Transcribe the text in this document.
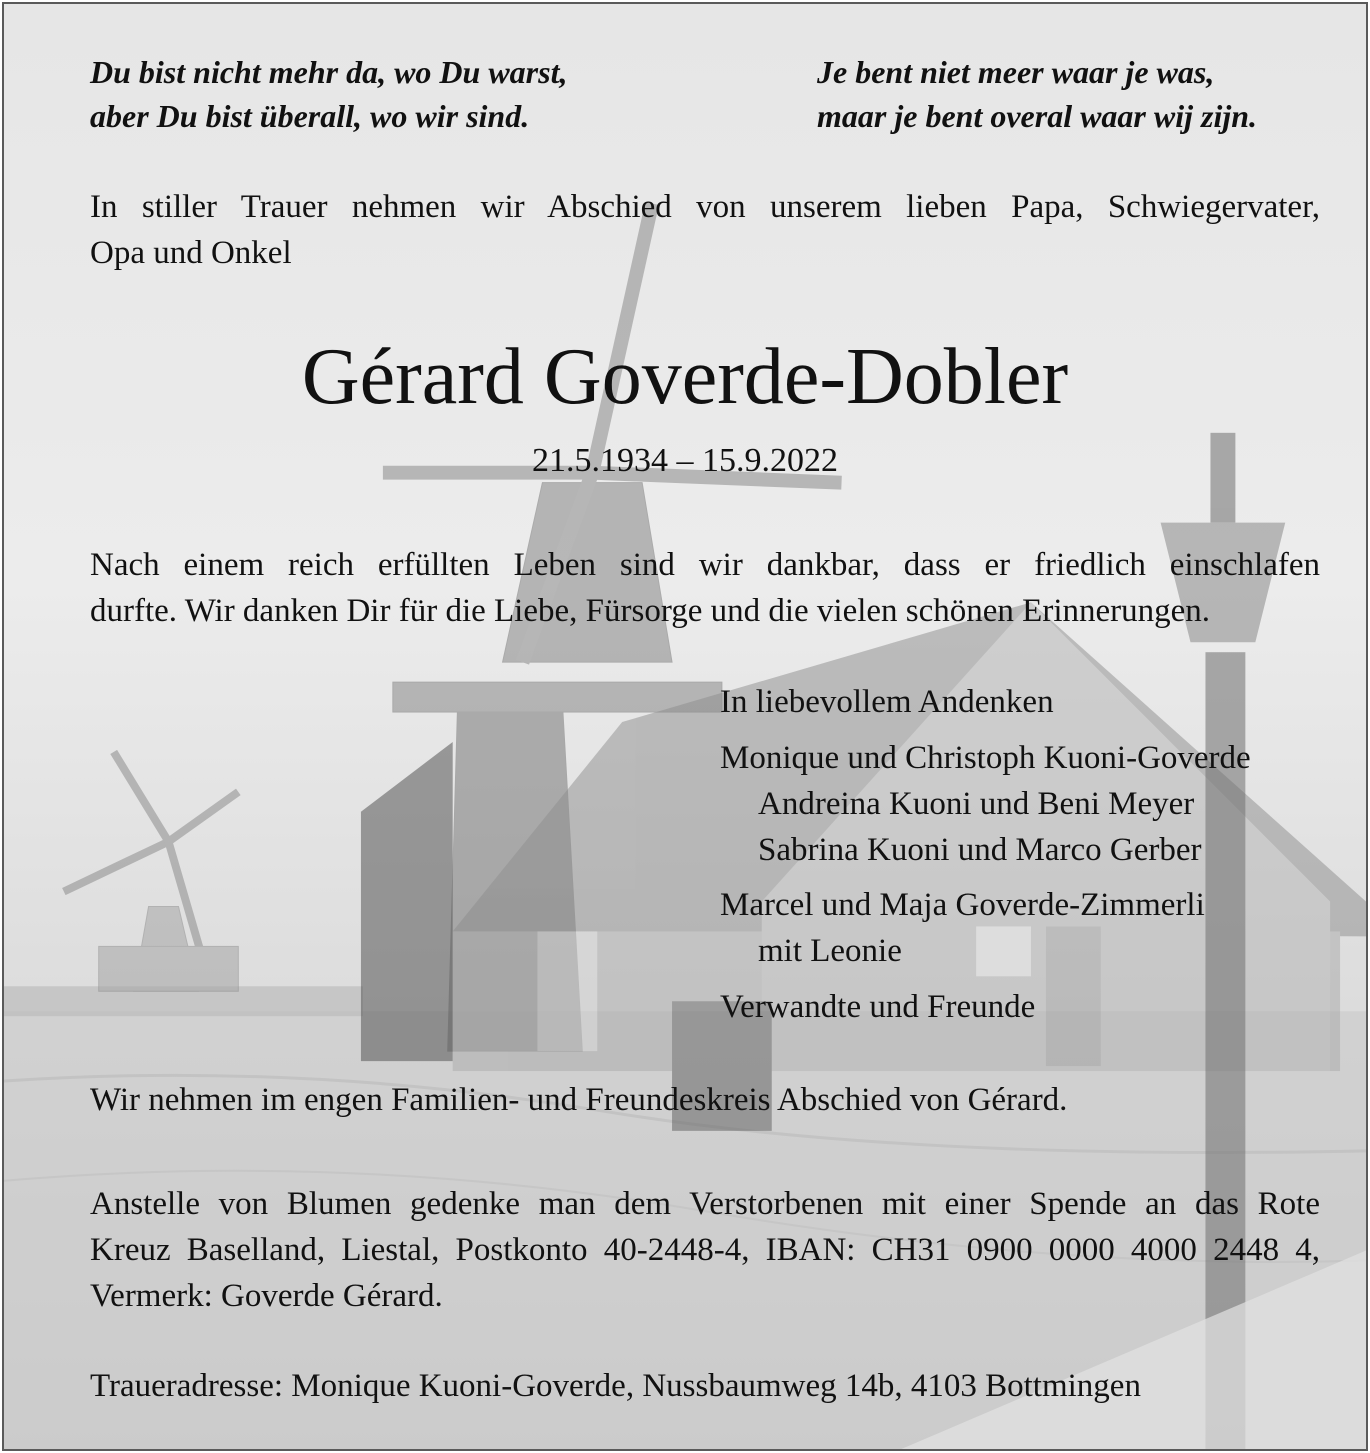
Du bist nicht mehr da, wo Du warst,
aber Du bist überall, wo wir sind.
Je bent niet meer waar je was,
maar je bent overal waar wij zijn.
In stiller Trauer nehmen wir Abschied von unserem lieben Papa, Schwiegervater,
Opa und Onkel
Gérard Goverde-Dobler
21.5.1934 – 15.9.2022
Nach einem reich erfüllten Leben sind wir dankbar, dass er friedlich einschlafen
durfte. Wir danken Dir für die Liebe, Fürsorge und die vielen schönen Erinnerungen.
In liebevollem Andenken
Monique und Christoph Kuoni-Goverde
Andreina Kuoni und Beni Meyer
Sabrina Kuoni und Marco Gerber
Marcel und Maja Goverde-Zimmerli
mit Leonie
Verwandte und Freunde
Wir nehmen im engen Familien- und Freundeskreis Abschied von Gérard.
Anstelle von Blumen gedenke man dem Verstorbenen mit einer Spende an das Rote
Kreuz Baselland, Liestal, Postkonto 40-2448-4, IBAN: CH31 0900 0000 4000 2448 4,
Vermerk: Goverde Gérard.
Traueradresse: Monique Kuoni-Goverde, Nussbaumweg 14b, 4103 Bottmingen
